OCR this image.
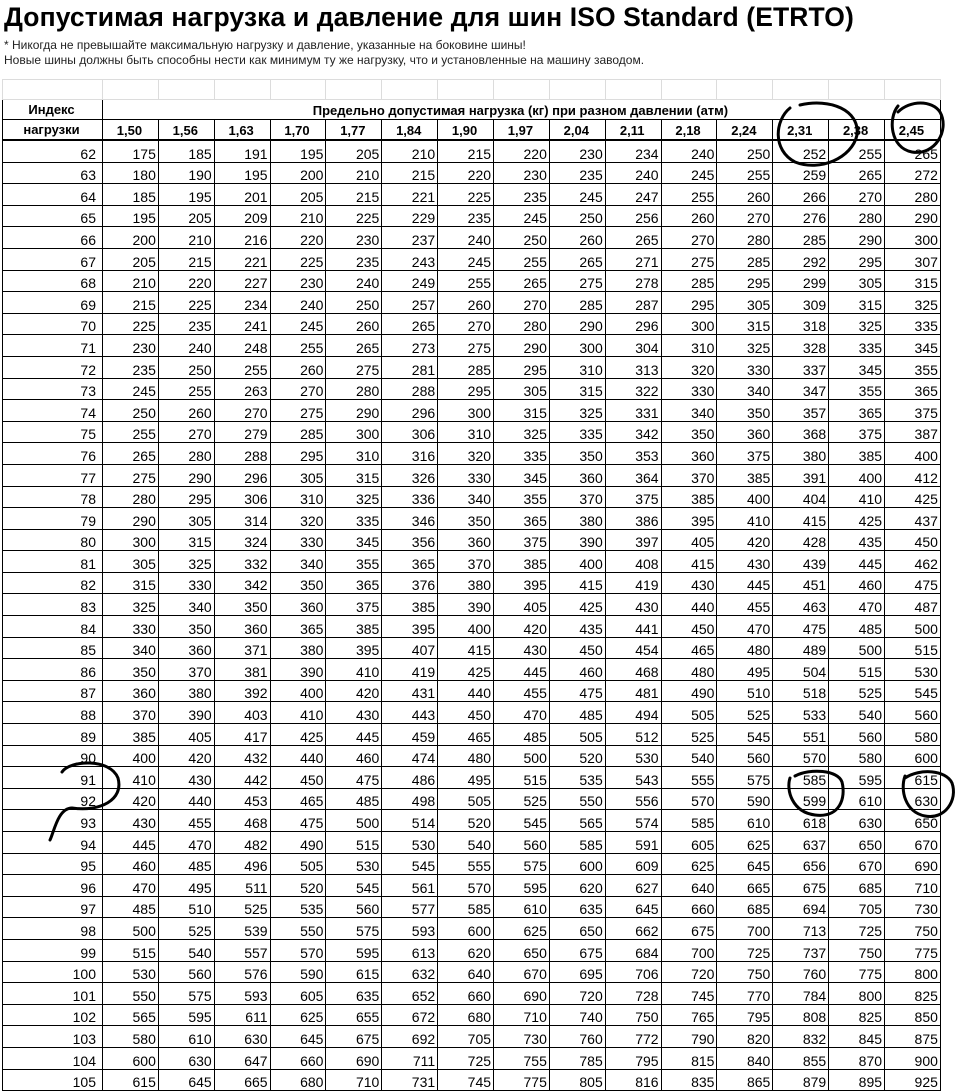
Допустимая нагрузка и давление для шин ISO Standard (ETRTO)
* Никогда не превышайте максимальную нагрузку и давление, указанные на боковине шины!
Новые шины должны быть способны нести как минимум ту же нагрузку, что и установленные на машину заводом.

Индекс	Предельно допустимая нагрузка (кг) при разном давлении (атм)														
нагрузки	1,50	1,56	1,63	1,70	1,77	1,84	1,90	1,97	2,04	2,11	2,18	2,24	2,31	2,38	2,45
62	175	185	191	195	205	210	215	220	230	234	240	250	252	255	265
63	180	190	195	200	210	215	220	230	235	240	245	255	259	265	272
64	185	195	201	205	215	221	225	235	245	247	255	260	266	270	280
65	195	205	209	210	225	229	235	245	250	256	260	270	276	280	290
66	200	210	216	220	230	237	240	250	260	265	270	280	285	290	300
67	205	215	221	225	235	243	245	255	265	271	275	285	292	295	307
68	210	220	227	230	240	249	255	265	275	278	285	295	299	305	315
69	215	225	234	240	250	257	260	270	285	287	295	305	309	315	325
70	225	235	241	245	260	265	270	280	290	296	300	315	318	325	335
71	230	240	248	255	265	273	275	290	300	304	310	325	328	335	345
72	235	250	255	260	275	281	285	295	310	313	320	330	337	345	355
73	245	255	263	270	280	288	295	305	315	322	330	340	347	355	365
74	250	260	270	275	290	296	300	315	325	331	340	350	357	365	375
75	255	270	279	285	300	306	310	325	335	342	350	360	368	375	387
76	265	280	288	295	310	316	320	335	350	353	360	375	380	385	400
77	275	290	296	305	315	326	330	345	360	364	370	385	391	400	412
78	280	295	306	310	325	336	340	355	370	375	385	400	404	410	425
79	290	305	314	320	335	346	350	365	380	386	395	410	415	425	437
80	300	315	324	330	345	356	360	375	390	397	405	420	428	435	450
81	305	325	332	340	355	365	370	385	400	408	415	430	439	445	462
82	315	330	342	350	365	376	380	395	415	419	430	445	451	460	475
83	325	340	350	360	375	385	390	405	425	430	440	455	463	470	487
84	330	350	360	365	385	395	400	420	435	441	450	470	475	485	500
85	340	360	371	380	395	407	415	430	450	454	465	480	489	500	515
86	350	370	381	390	410	419	425	445	460	468	480	495	504	515	530
87	360	380	392	400	420	431	440	455	475	481	490	510	518	525	545
88	370	390	403	410	430	443	450	470	485	494	505	525	533	540	560
89	385	405	417	425	445	459	465	485	505	512	525	545	551	560	580
90	400	420	432	440	460	474	480	500	520	530	540	560	570	580	600
91	410	430	442	450	475	486	495	515	535	543	555	575	585	595	615
92	420	440	453	465	485	498	505	525	550	556	570	590	599	610	630
93	430	455	468	475	500	514	520	545	565	574	585	610	618	630	650
94	445	470	482	490	515	530	540	560	585	591	605	625	637	650	670
95	460	485	496	505	530	545	555	575	600	609	625	645	656	670	690
96	470	495	511	520	545	561	570	595	620	627	640	665	675	685	710
97	485	510	525	535	560	577	585	610	635	645	660	685	694	705	730
98	500	525	539	550	575	593	600	625	650	662	675	700	713	725	750
99	515	540	557	570	595	613	620	650	675	684	700	725	737	750	775
100	530	560	576	590	615	632	640	670	695	706	720	750	760	775	800
101	550	575	593	605	635	652	660	690	720	728	745	770	784	800	825
102	565	595	611	625	655	672	680	710	740	750	765	795	808	825	850
103	580	610	630	645	675	692	705	730	760	772	790	820	832	845	875
104	600	630	647	660	690	711	725	755	785	795	815	840	855	870	900
105	615	645	665	680	710	731	745	775	805	816	835	865	879	895	925
